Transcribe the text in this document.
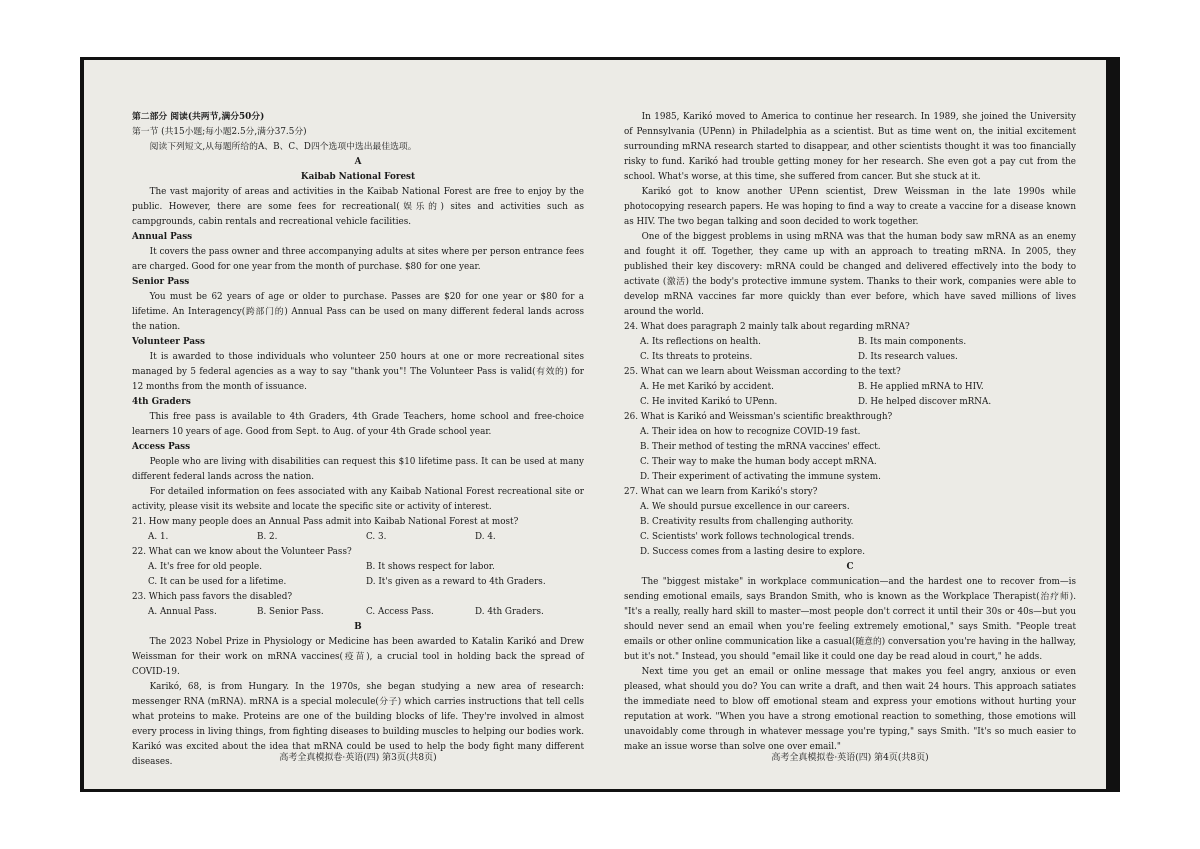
第二部分 阅读(共两节,满分50分)

第一节 (共15小题;每小题2.5分,满分37.5分)

阅读下列短文,从每题所给的A、B、C、D四个选项中选出最佳选项。

A

Kaibab National Forest

The vast majority of areas and activities in the Kaibab National Forest are free to enjoy by the public. However, there are some fees for recreational(娱乐的) sites and activities such as campgrounds, cabin rentals and recreational vehicle facilities.

Annual Pass

It covers the pass owner and three accompanying adults at sites where per person entrance fees are charged. Good for one year from the month of purchase. $80 for one year.

Senior Pass

You must be 62 years of age or older to purchase. Passes are $20 for one year or $80 for a lifetime. An Interagency(跨部门的) Annual Pass can be used on many different federal lands across the nation.

Volunteer Pass

It is awarded to those individuals who volunteer 250 hours at one or more recreational sites managed by 5 federal agencies as a way to say "thank you"! The Volunteer Pass is valid(有效的) for 12 months from the month of issuance.

4th Graders

This free pass is available to 4th Graders, 4th Grade Teachers, home school and free-choice learners 10 years of age. Good from Sept. to Aug. of your 4th Grade school year.

Access Pass

People who are living with disabilities can request this $10 lifetime pass. It can be used at many different federal lands across the nation.

For detailed information on fees associated with any Kaibab National Forest recreational site or activity, please visit its website and locate the specific site or activity of interest.

21. How many people does an Annual Pass admit into Kaibab National Forest at most?

A. 1.	B. 2.	C. 3.	D. 4.

22. What can we know about the Volunteer Pass?

A. It's free for old people.	B. It shows respect for labor.
C. It can be used for a lifetime.	D. It's given as a reward to 4th Graders.

23. Which pass favors the disabled?

A. Annual Pass.	B. Senior Pass.	C. Access Pass.	D. 4th Graders.

B

The 2023 Nobel Prize in Physiology or Medicine has been awarded to Katalin Karikó and Drew Weissman for their work on mRNA vaccines(疫苗), a crucial tool in holding back the spread of COVID-19.

Karikó, 68, is from Hungary. In the 1970s, she began studying a new area of research: messenger RNA (mRNA). mRNA is a special molecule(分子) which carries instructions that tell cells what proteins to make. Proteins are one of the building blocks of life. They're involved in almost every process in living things, from fighting diseases to building muscles to helping our bodies work. Karikó was excited about the idea that mRNA could be used to help the body fight many different diseases.	高考全真模拟卷·英语(四) 第3页(共8页)

In 1985, Karikó moved to America to continue her research. In 1989, she joined the University of Pennsylvania (UPenn) in Philadelphia as a scientist. But as time went on, the initial excitement surrounding mRNA research started to disappear, and other scientists thought it was too financially risky to fund. Karikó had trouble getting money for her research. She even got a pay cut from the school. What's worse, at this time, she suffered from cancer. But she stuck at it.

Karikó got to know another UPenn scientist, Drew Weissman in the late 1990s while photocopying research papers. He was hoping to find a way to create a vaccine for a disease known as HIV. The two began talking and soon decided to work together.

One of the biggest problems in using mRNA was that the human body saw mRNA as an enemy and fought it off. Together, they came up with an approach to treating mRNA. In 2005, they published their key discovery: mRNA could be changed and delivered effectively into the body to activate (激活) the body's protective immune system. Thanks to their work, companies were able to develop mRNA vaccines far more quickly than ever before, which have saved millions of lives around the world.

24. What does paragraph 2 mainly talk about regarding mRNA?

A. Its reflections on health.	B. Its main components.
C. Its threats to proteins.	D. Its research values.

25. What can we learn about Weissman according to the text?

A. He met Karikó by accident.	B. He applied mRNA to HIV.
C. He invited Karikó to UPenn.	D. He helped discover mRNA.

26. What is Karikó and Weissman's scientific breakthrough?

A. Their idea on how to recognize COVID-19 fast.
B. Their method of testing the mRNA vaccines' effect.
C. Their way to make the human body accept mRNA.
D. Their experiment of activating the immune system.

27. What can we learn from Karikó's story?

A. We should pursue excellence in our careers.
B. Creativity results from challenging authority.
C. Scientists' work follows technological trends.
D. Success comes from a lasting desire to explore.

C

The "biggest mistake" in workplace communication—and the hardest one to recover from—is sending emotional emails, says Brandon Smith, who is known as the Workplace Therapist(治疗师). "It's a really, really hard skill to master—most people don't correct it until their 30s or 40s—but you should never send an email when you're feeling extremely emotional," says Smith. "People treat emails or other online communication like a casual(随意的) conversation you're having in the hallway, but it's not." Instead, you should "email like it could one day be read aloud in court," he adds.

Next time you get an email or online message that makes you feel angry, anxious or even pleased, what should you do? You can write a draft, and then wait 24 hours. This approach satiates the immediate need to blow off emotional steam and express your emotions without hurting your reputation at work. "When you have a strong emotional reaction to something, those emotions will unavoidably come through in whatever message you're typing," says Smith. "It's so much easier to make an issue worse than solve one over email."

高考全真模拟卷·英语(四) 第4页(共8页)
